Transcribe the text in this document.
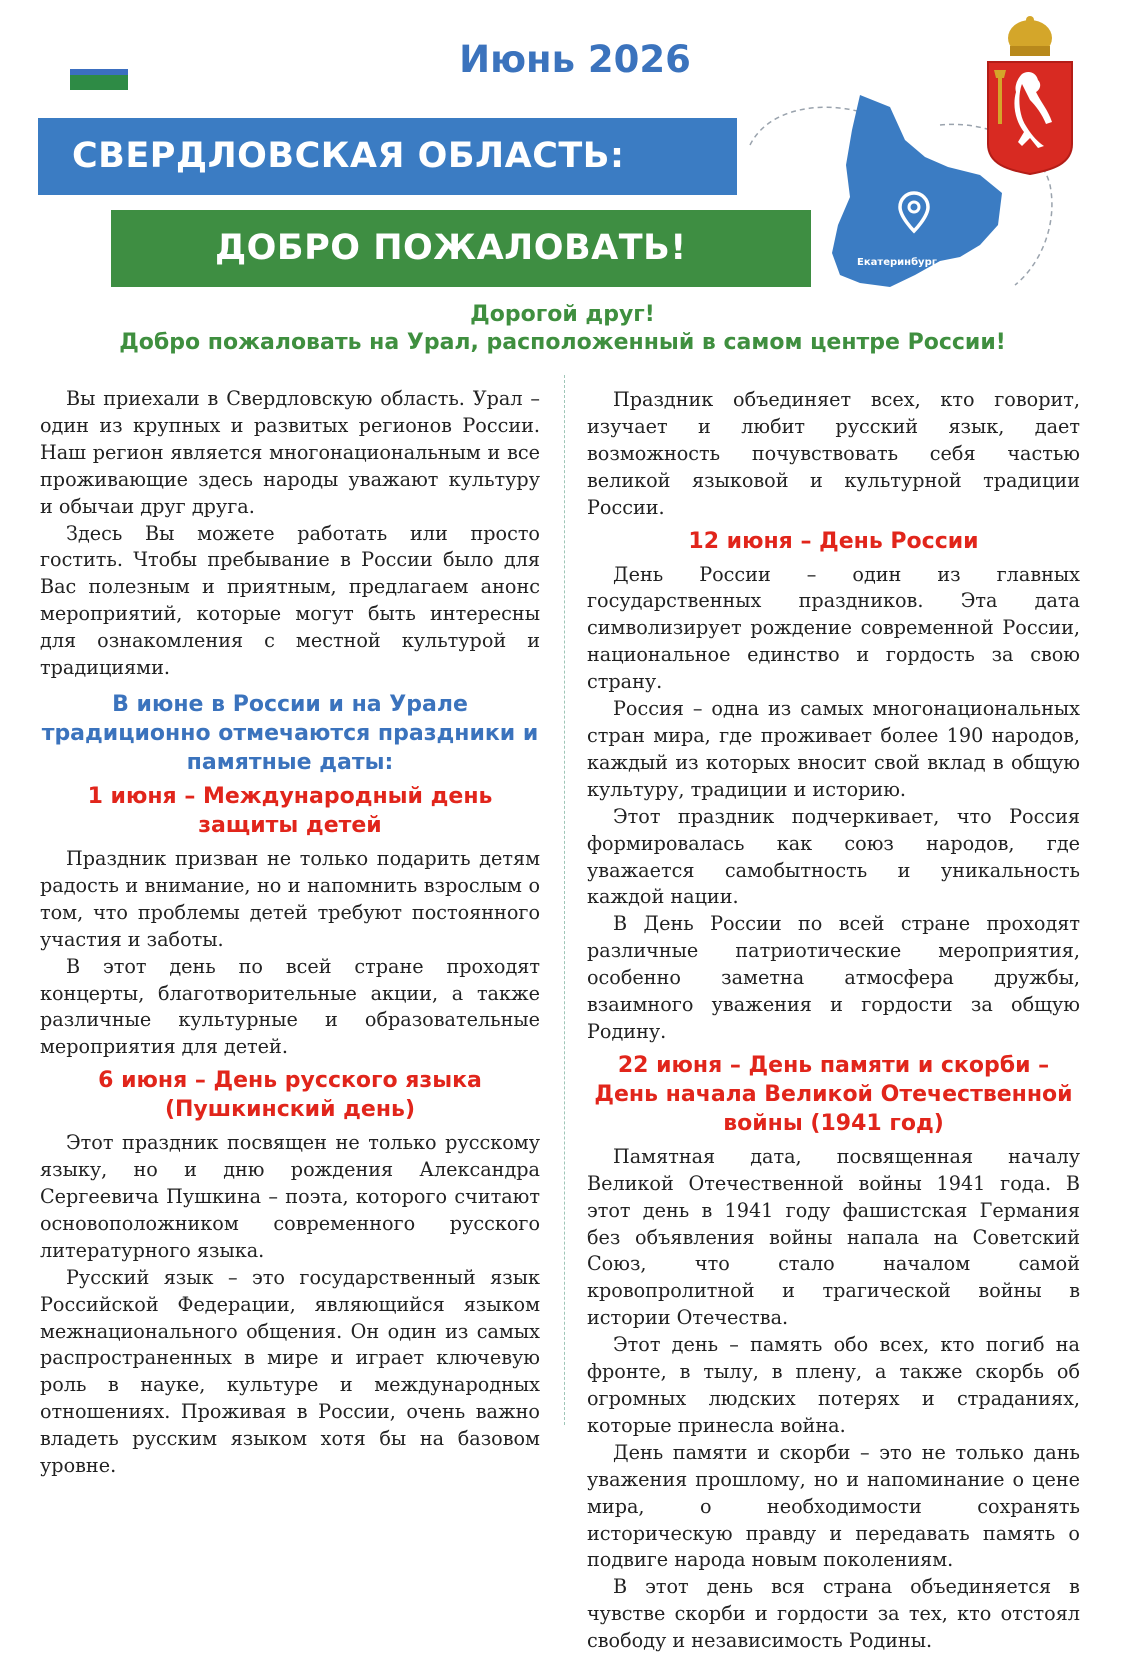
Июнь 2026
СВЕРДЛОВСКАЯ ОБЛАСТЬ:
ДОБРО ПОЖАЛОВАТЬ!	Екатеринбург
Дорогой друг!
Добро пожаловать на Урал, расположенный в самом центре России!

Вы приехали в Свердловскую область. Урал – один из крупных и развитых регионов России. Наш регион является многонациональным и все проживающие здесь народы уважают культуру и обычаи друг друга.

Здесь Вы можете работать или просто гостить. Чтобы пребывание в России было для Вас полезным и приятным, предлагаем анонс мероприятий, которые могут быть интересны для ознакомления с местной культурой и традициями.

В июне в России и на Урале традиционно отмечаются праздники и памятные даты:
1 июня – Международный день защиты детей

Праздник призван не только подарить детям радость и внимание, но и напомнить взрослым о том, что проблемы детей требуют постоянного участия и заботы.

В этот день по всей стране проходят концерты, благотворительные акции, а также различные культурные и образовательные мероприятия для детей.

6 июня – День русского языка (Пушкинский день)

Этот праздник посвящен не только русскому языку, но и дню рождения Александра Сергеевича Пушкина – поэта, которого считают основоположником современного русского литературного языка.

Русский язык – это государственный язык Российской Федерации, являющийся языком межнационального общения. Он один из самых распространенных в мире и играет ключевую роль в науке, культуре и международных отношениях. Проживая в России, очень важно владеть русским языком хотя бы на базовом уровне.

Праздник объединяет всех, кто говорит, изучает и любит русский язык, дает возможность почувствовать себя частью великой языковой и культурной традиции России.

12 июня – День России

День России – один из главных государственных праздников. Эта дата символизирует рождение современной России, национальное единство и гордость за свою страну.

Россия – одна из самых многонациональных стран мира, где проживает более 190 народов, каждый из которых вносит свой вклад в общую культуру, традиции и историю.

Этот праздник подчеркивает, что Россия формировалась как союз народов, где уважается самобытность и уникальность каждой нации.

В День России по всей стране проходят различные патриотические мероприятия, особенно заметна атмосфера дружбы, взаимного уважения и гордости за общую Родину.

22 июня – День памяти и скорби – День начала Великой Отечественной войны (1941 год)

Памятная дата, посвященная началу Великой Отечественной войны 1941 года. В этот день в 1941 году фашистская Германия без объявления войны напала на Советский Союз, что стало началом самой кровопролитной и трагической войны в истории Отечества.

Этот день – память обо всех, кто погиб на фронте, в тылу, в плену, а также скорбь об огромных людских потерях и страданиях, которые принесла война.

День памяти и скорби – это не только дань уважения прошлому, но и напоминание о цене мира, о необходимости сохранять историческую правду и передавать память о подвиге народа новым поколениям.

В этот день вся страна объединяется в чувстве скорби и гордости за тех, кто отстоял свободу и независимость Родины.
